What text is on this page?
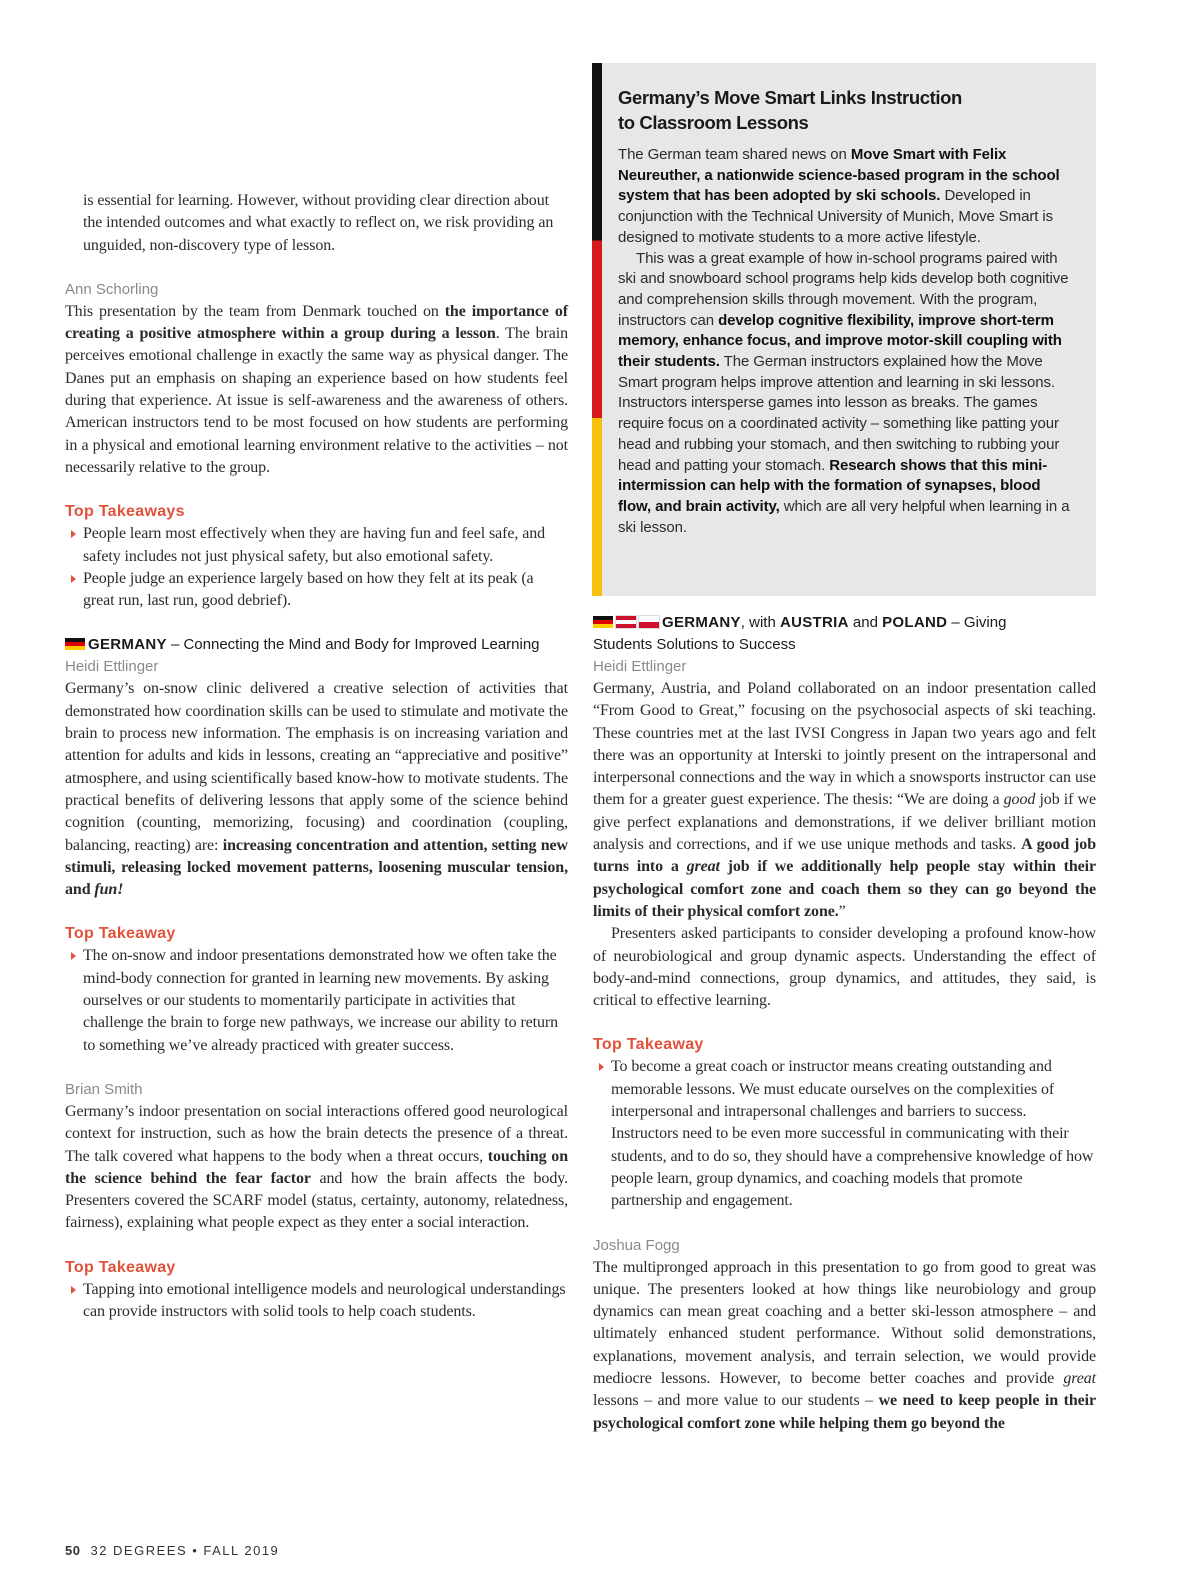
Germany’s Move Smart Links Instruction
to Classroom Lessons

The German team shared news on Move Smart with Felix Neureuther, a nationwide science-based program in the school system that has been adopted by ski schools. Developed in conjunction with the Technical University of Munich, Move Smart is designed to motivate students to a more active lifestyle.

This was a great example of how in-school programs paired with ski and snowboard school programs help kids develop both cognitive and comprehension skills through movement. With the program, instructors can develop cognitive flexibility, improve short-term memory, enhance focus, and improve motor-skill coupling with their students. The German instructors explained how the Move Smart program helps improve attention and learning in ski lessons. Instructors intersperse games into lesson as breaks. The games require focus on a coordinated activity – something like patting your head and rubbing your stomach, and then switching to rubbing your head and patting your stomach. Research shows that this mini-intermission can help with the formation of synapses, blood flow, and brain activity, which are all very helpful when learning in a ski lesson.

is essential for learning. However, without providing clear direction about the intended outcomes and what exactly to reflect on, we risk providing an unguided, non-discovery type of lesson.

Ann Schorling

This presentation by the team from Denmark touched on the importance of creating a positive atmosphere within a group during a lesson. The brain perceives emotional challenge in exactly the same way as physical danger. The Danes put an emphasis on shaping an experience based on how students feel during that experience. At issue is self-awareness and the awareness of others. American instructors tend to be most focused on how students are performing in a physical and emotional learning environment relative to the activities – not necessarily relative to the group.

Top Takeaways

People learn most effectively when they are having fun and feel safe, and safety includes not just physical safety, but also emotional safety.

People judge an experience largely based on how they felt at its peak (a great run, last run, good debrief).

GERMANY – Connecting the Mind and Body for Improved Learning
Heidi Ettlinger

Germany’s on-snow clinic delivered a creative selection of activities that demonstrated how coordination skills can be used to stimulate and motivate the brain to process new information. The emphasis is on increasing variation and attention for adults and kids in lessons, creating an “appreciative and positive” atmosphere, and using scientifically based know-how to motivate students. The practical benefits of delivering lessons that apply some of the science behind cognition (counting, memorizing, focusing) and coordination (coupling, balancing, reacting) are: increasing concentration and attention, setting new stimuli, releasing locked movement patterns, loosening muscular tension, and fun!

Top Takeaway

The on-snow and indoor presentations demonstrated how we often take the mind-body connection for granted in learning new movements. By asking ourselves or our students to momentarily participate in activities that challenge the brain to forge new pathways, we increase our ability to return to something we’ve already practiced with greater success.

Brian Smith

Germany’s indoor presentation on social interactions offered good neurological context for instruction, such as how the brain detects the presence of a threat. The talk covered what happens to the body when a threat occurs, touching on the science behind the fear factor and how the brain affects the body. Presenters covered the SCARF model (status, certainty, autonomy, relatedness, fairness), explaining what people expect as they enter a social interaction.

Top Takeaway

Tapping into emotional intelligence models and neurological understandings can provide instructors with solid tools to help coach students.

GERMANY, with AUSTRIA and POLAND – Giving
Students Solutions to Success
Heidi Ettlinger

Germany, Austria, and Poland collaborated on an indoor presentation called “From Good to Great,” focusing on the psychosocial aspects of ski teaching. These countries met at the last IVSI Congress in Japan two years ago and felt there was an opportunity at Interski to jointly present on the intrapersonal and interpersonal connections and the way in which a snowsports instructor can use them for a greater guest experience. The thesis: “We are doing a good job if we give perfect explanations and demonstrations, if we deliver brilliant motion analysis and corrections, and if we use unique methods and tasks. A good job turns into a great job if we additionally help people stay within their psychological comfort zone and coach them so they can go beyond the limits of their physical comfort zone.”

Presenters asked participants to consider developing a profound know-how of neurobiological and group dynamic aspects. Understanding the effect of body-and-mind connections, group dynamics, and attitudes, they said, is critical to effective learning.

Top Takeaway

To become a great coach or instructor means creating outstanding and memorable lessons. We must educate ourselves on the complexities of interpersonal and intrapersonal challenges and barriers to success. Instructors need to be even more successful in communicating with their students, and to do so, they should have a comprehensive knowledge of how people learn, group dynamics, and coaching models that promote partnership and engagement.

Joshua Fogg

The multipronged approach in this presentation to go from good to great was unique. The presenters looked at how things like neurobiology and group dynamics can mean great coaching and a better ski-lesson atmosphere – and ultimately enhanced student performance. Without solid demonstrations, explanations, movement analysis, and terrain selection, we would provide mediocre lessons. However, to become better coaches and provide great lessons – and more value to our students – we need to keep people in their psychological comfort zone while helping them go beyond the

50 32 DEGREES • FALL 2019
